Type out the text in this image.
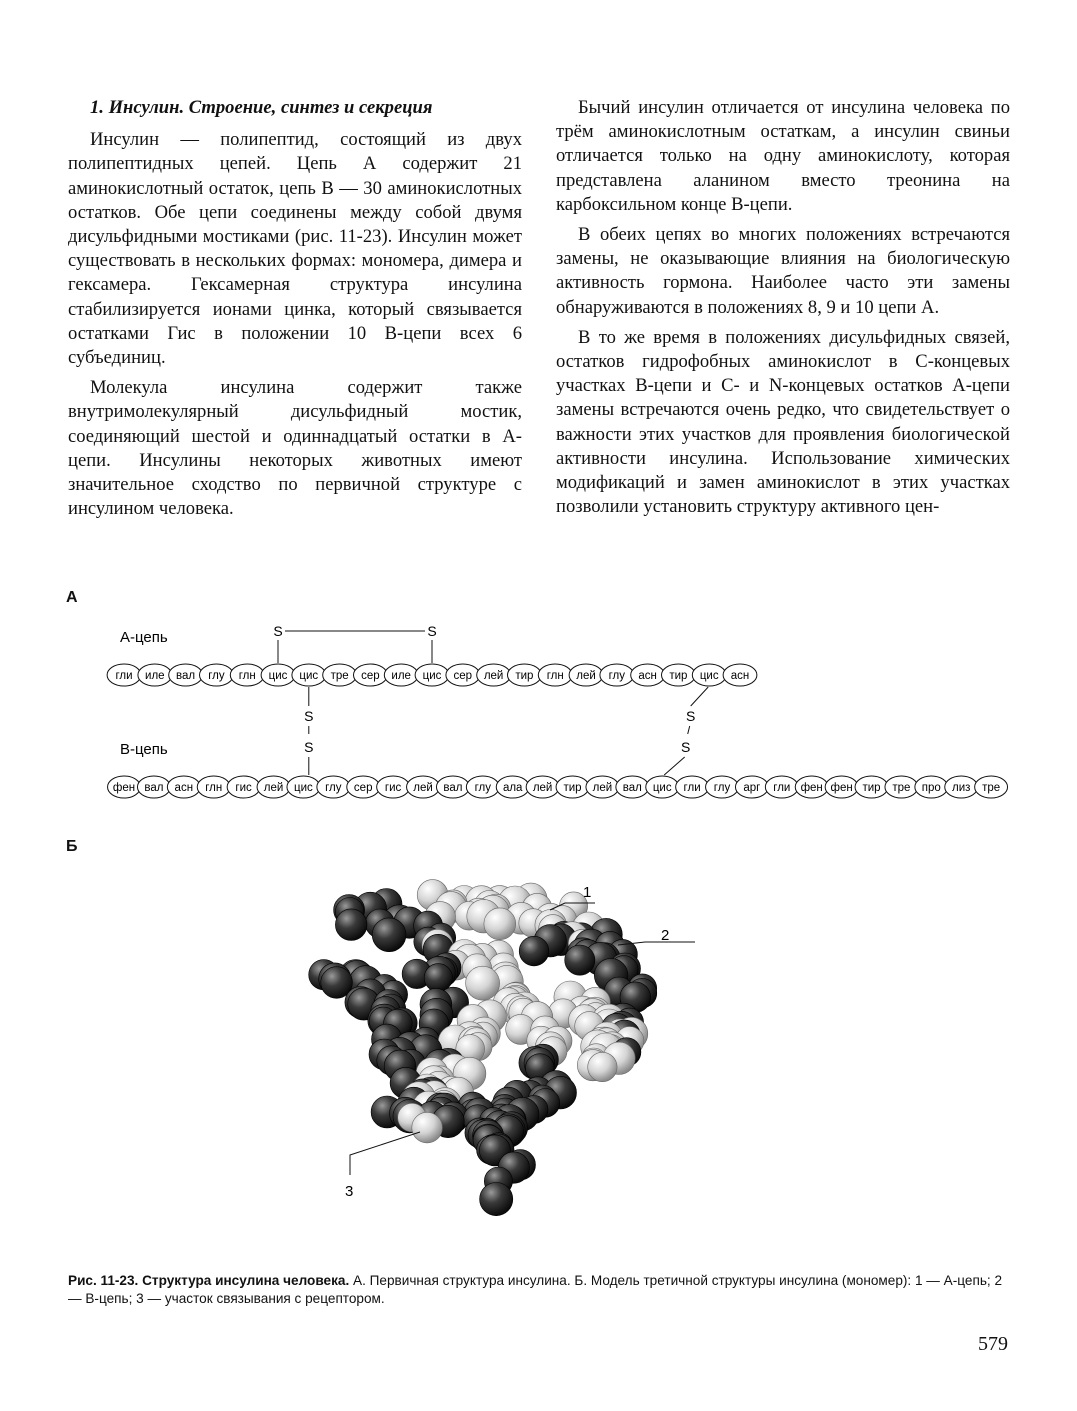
1. Инсулин. Строение, синтез и секреция

Инсулин — полипептид, состоящий из двух полипептидных цепей. Цепь А содержит 21 аминокислотный остаток, цепь В — 30 аминокислотных остатков. Обе цепи соединены между собой двумя дисульфидными мостиками (рис. 11-23). Инсулин может существовать в нескольких формах: мономера, димера и гексамера. Гексамерная структура инсулина стабилизируется ионами цинка, который связывается остатками Гис в положении 10 В-цепи всех 6 субъединиц.

Молекула инсулина содержит также внутримолекулярный дисульфидный мостик, соединяющий шестой и одиннадцатый остатки в А-цепи. Инсулины некоторых животных имеют значительное сходство по первичной структуре с инсулином человека.

Бычий инсулин отличается от инсулина человека по трём аминокислотным остаткам, а инсулин свиньи отличается только на одну аминокислоту, которая представлена аланином вместо треонина на карбоксильном конце В-цепи.

В обеих цепях во многих положениях встречаются замены, не оказывающие влияния на биологическую активность гормона. Наиболее часто эти замены обнаруживаются в положениях 8, 9 и 10 цепи А.

В то же время в положениях дисульфидных связей, остатков гидрофобных аминокислот в С-концевых участках В-цепи и С- и N-концевых остатков А-цепи замены встречаются очень редко, что свидетельствует о важности этих участков для проявления биологической активности инсулина. Использование химических модификаций и замен аминокислот в этих участках позволили установить структуру активного цен-

А
Б
гли иле вал глу глн цис цис тре сер иле цис сер лей тир глн лей глу асн тир цис асн
фен вал асн глн гис лей цис глу сер гис лей вал глу ала лей тир лей вал цис гли глу арг гли фен фен тир тре про лиз тре
S	S
S
S
S
S
А-цепь
В-цепь
1
2
3
Рис. 11-23. Структура инсулина человека. А. Первичная структура инсулина. Б. Модель третичной структуры инсулина (мономер): 1 — А-цепь; 2 — В-цепь; 3 — участок связывания с рецептором.
579
